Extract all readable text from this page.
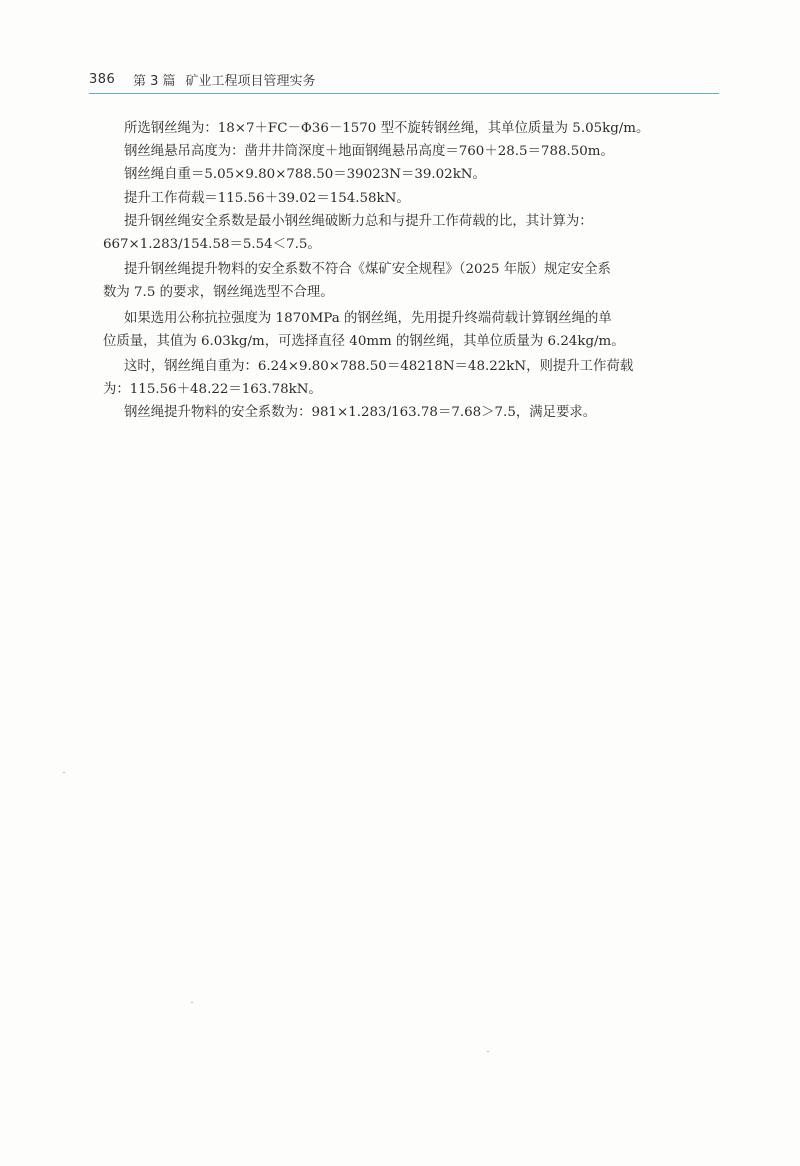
386	第 3 篇 矿业工程项目管理实务

所选钢丝绳为：18×7＋FC－Φ36－1570 型不旋转钢丝绳，其单位质量为 5.05kg/m。

钢丝绳悬吊高度为：凿井井筒深度＋地面钢绳悬吊高度＝760＋28.5＝788.50m。

钢丝绳自重＝5.05×9.80×788.50＝39023N＝39.02kN。

提升工作荷载＝115.56＋39.02＝154.58kN。

提升钢丝绳安全系数是最小钢丝绳破断力总和与提升工作荷载的比，其计算为：

667×1.283/154.58＝5.54＜7.5。

提升钢丝绳提升物料的安全系数不符合《煤矿安全规程》（2025 年版）规定安全系

数为 7.5 的要求，钢丝绳选型不合理。

如果选用公称抗拉强度为 1870MPa 的钢丝绳，先用提升终端荷载计算钢丝绳的单

位质量，其值为 6.03kg/m，可选择直径 40mm 的钢丝绳，其单位质量为 6.24kg/m。

这时，钢丝绳自重为：6.24×9.80×788.50＝48218N＝48.22kN，则提升工作荷载

为：115.56＋48.22＝163.78kN。

钢丝绳提升物料的安全系数为：981×1.283/163.78＝7.68＞7.5，满足要求。
